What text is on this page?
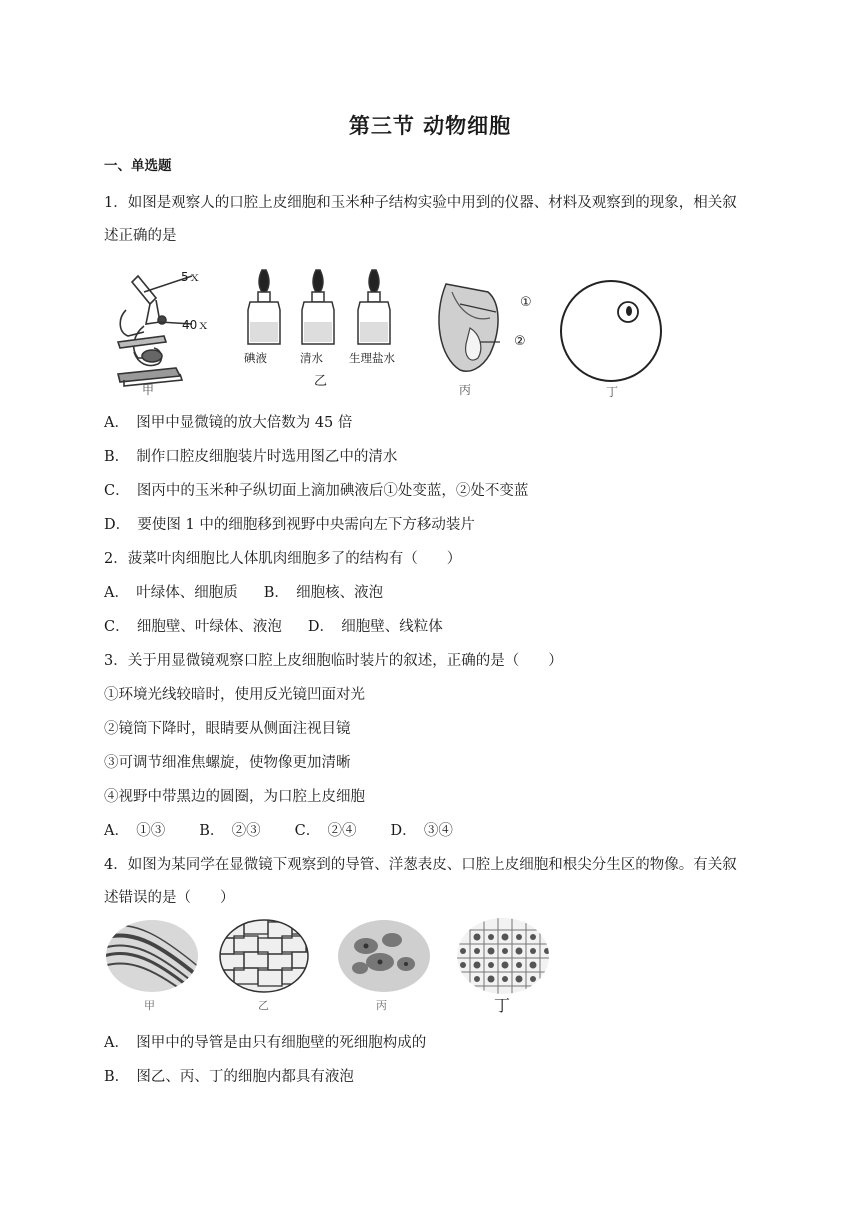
第三节 动物细胞
一、单选题
1．如图是观察人的口腔上皮细胞和玉米种子结构实验中用到的仪器、材料及观察到的现象，相关叙
述正确的是
5ｘ
40ｘ
甲
碘液	清水 生理盐水
乙
①
②
丙	丁
A．　图甲中显微镜的放大倍数为 45 倍
B．　制作口腔皮细胞装片时选用图乙中的清水
C．　图丙中的玉米种子纵切面上滴加碘液后①处变蓝，②处不变蓝
D．　要使图 1 中的细胞移到视野中央需向左下方移动装片
2．菠菜叶肉细胞比人体肌肉细胞多了的结构有（　　）
A．　叶绿体、细胞质 B．　细胞核、液泡
C．　细胞壁、叶绿体、液泡 D．　细胞壁、线粒体
3．关于用显微镜观察口腔上皮细胞临时装片的叙述，正确的是（　　）
①环境光线较暗时，使用反光镜凹面对光
②镜筒下降时，眼睛要从侧面注视目镜
③可调节细准焦螺旋，使物像更加清晰
④视野中带黑边的圆圈，为口腔上皮细胞
A．　①③ B．　②③ C．　②④ D．　③④
4．如图为某同学在显微镜下观察到的导管、洋葱表皮、口腔上皮细胞和根尖分生区的物像。有关叙
述错误的是（　　）
甲	乙	丙	丁
A．　图甲中的导管是由只有细胞壁的死细胞构成的
B．　图乙、丙、丁的细胞内都具有液泡
